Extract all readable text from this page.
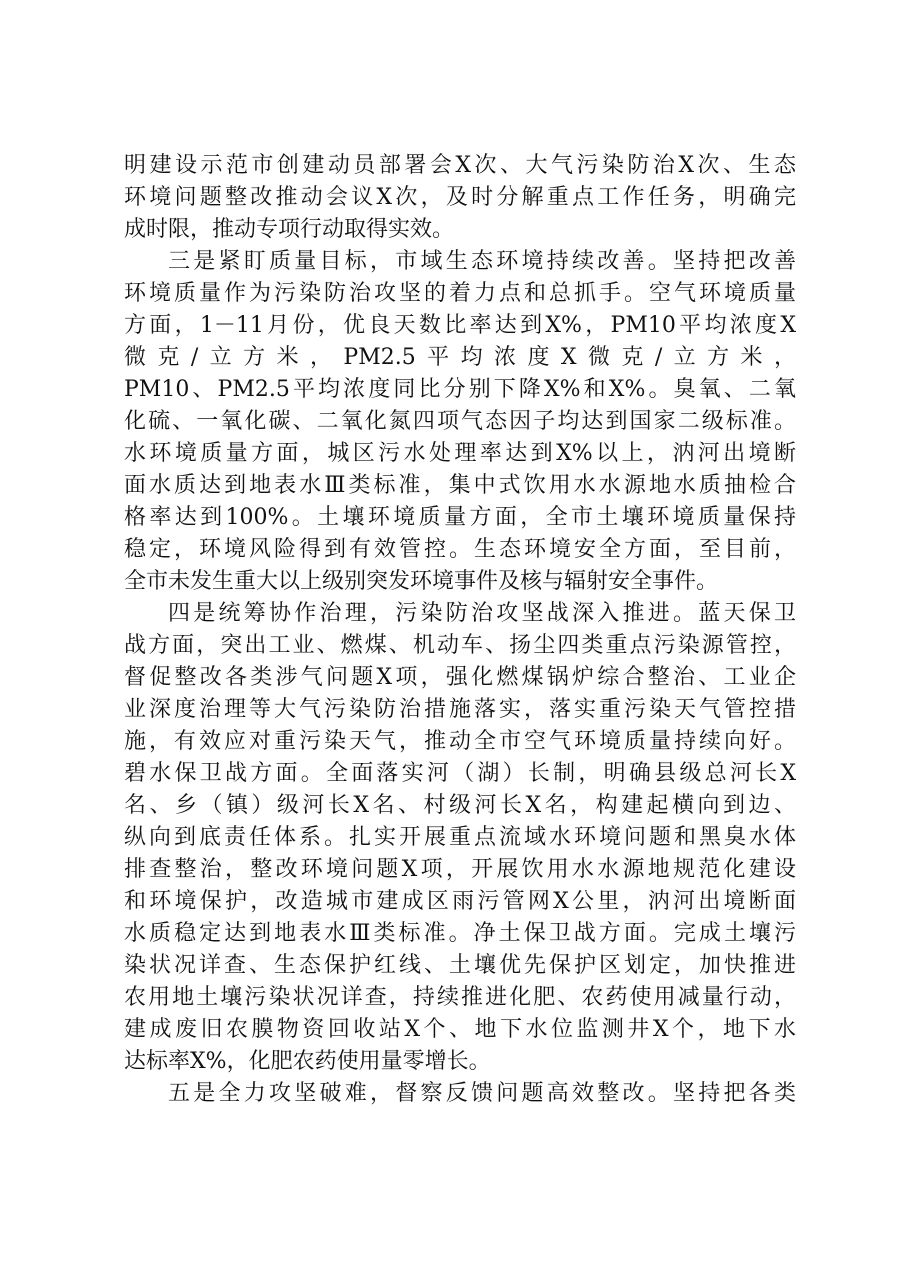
明建设示范市创建动员部署会X次、大气污染防治X次、生态
环境问题整改推动会议X次，及时分解重点工作任务，明确完
成时限，推动专项行动取得实效。
三是紧盯质量目标，市域生态环境持续改善。坚持把改善
环境质量作为污染防治攻坚的着力点和总抓手。空气环境质量
方面，1－11月份，优良天数比率达到X%，PM10平均浓度X
微克/立方米，PM2.5平均浓度X微克/立方米，
PM10、PM2.5平均浓度同比分别下降X%和X%。臭氧、二氧
化硫、一氧化碳、二氧化氮四项气态因子均达到国家二级标准。
水环境质量方面，城区污水处理率达到X%以上，汭河出境断
面水质达到地表水Ⅲ类标准，集中式饮用水水源地水质抽检合
格率达到100%。土壤环境质量方面，全市土壤环境质量保持
稳定，环境风险得到有效管控。生态环境安全方面，至目前，
全市未发生重大以上级别突发环境事件及核与辐射安全事件。
四是统筹协作治理，污染防治攻坚战深入推进。蓝天保卫
战方面，突出工业、燃煤、机动车、扬尘四类重点污染源管控，
督促整改各类涉气问题X项，强化燃煤锅炉综合整治、工业企
业深度治理等大气污染防治措施落实，落实重污染天气管控措
施，有效应对重污染天气，推动全市空气环境质量持续向好。
碧水保卫战方面。全面落实河（湖）长制，明确县级总河长X
名、乡（镇）级河长X名、村级河长X名，构建起横向到边、
纵向到底责任体系。扎实开展重点流域水环境问题和黑臭水体
排查整治，整改环境问题X项，开展饮用水水源地规范化建设
和环境保护，改造城市建成区雨污管网X公里，汭河出境断面
水质稳定达到地表水Ⅲ类标准。净土保卫战方面。完成土壤污
染状况详查、生态保护红线、土壤优先保护区划定，加快推进
农用地土壤污染状况详查，持续推进化肥、农药使用减量行动，
建成废旧农膜物资回收站X个、地下水位监测井X个，地下水
达标率X%，化肥农药使用量零增长。
五是全力攻坚破难，督察反馈问题高效整改。坚持把各类
